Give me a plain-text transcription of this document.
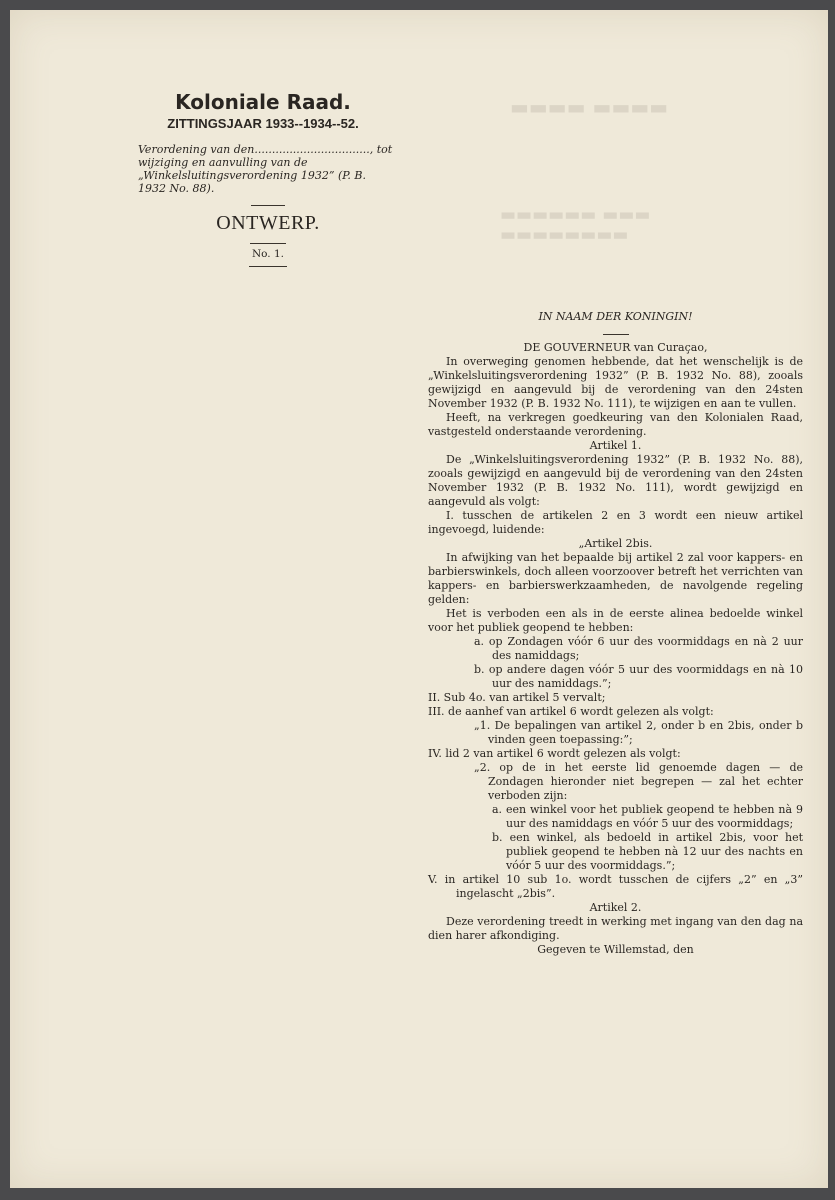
▬▬▬▬ ▬▬▬▬
▬▬▬▬▬▬ ▬▬▬ ▬▬▬▬▬▬▬▬
Koloniale Raad.
ZITTINGSJAAR 1933--1934--52.
Verordening van den................................., tot wijziging en aanvulling van de „Winkelsluitingsverordening 1932” (P. B. 1932 No. 88).
ONTWERP.
No. 1.

IN NAAM DER KONINGIN!

DE GOUVERNEUR van Curaçao,

In overweging genomen hebbende, dat het wenschelijk is de „Winkelsluitingsverordening 1932” (P. B. 1932 No. 88), zooals gewijzigd en aangevuld bij de verordening van den 24sten November 1932 (P. B. 1932 No. 111), te wijzigen en aan te vullen.

Heeft, na verkregen goedkeuring van den Kolonialen Raad, vastgesteld onderstaande verordening.

Artikel 1.

De „Winkelsluitingsverordening 1932” (P. B. 1932 No. 88), zooals gewijzigd en aangevuld bij de verordening van den 24sten November 1932 (P. B. 1932 No. 111), wordt gewijzigd en aangevuld als volgt:

I. tusschen de artikelen 2 en 3 wordt een nieuw artikel ingevoegd, luidende:

„Artikel 2bis.

In afwijking van het bepaalde bij artikel 2 zal voor kappers- en barbierswinkels, doch alleen voorzoover betreft het verrichten van kappers- en barbierswerkzaamheden, de navolgende regeling gelden:

Het is verboden een als in de eerste alinea bedoelde winkel voor het publiek geopend te hebben:

a. op Zondagen vóór 6 uur des voormiddags en nà 2 uur des namiddags;

b. op andere dagen vóór 5 uur des voormiddags en nà 10 uur des namiddags.”;

II. Sub 4o. van artikel 5 vervalt;

III. de aanhef van artikel 6 wordt gelezen als volgt:

„1. De bepalingen van artikel 2, onder b en 2bis, onder b vinden geen toepassing:”;

IV. lid 2 van artikel 6 wordt gelezen als volgt:

„2. op de in het eerste lid genoemde dagen — de Zondagen hieronder niet begrepen — zal het echter verboden zijn:

a. een winkel voor het publiek geopend te hebben nà 9 uur des namiddags en vóór 5 uur des voormiddags;

b. een winkel, als bedoeld in artikel 2bis, voor het publiek geopend te hebben nà 12 uur des nachts en vóór 5 uur des voormiddags.”;

V. in artikel 10 sub 1o. wordt tusschen de cijfers „2” en „3” ingelascht „2bis”.

Artikel 2.

Deze verordening treedt in werking met ingang van den dag na dien harer afkondiging.

Gegeven te Willemstad, den
